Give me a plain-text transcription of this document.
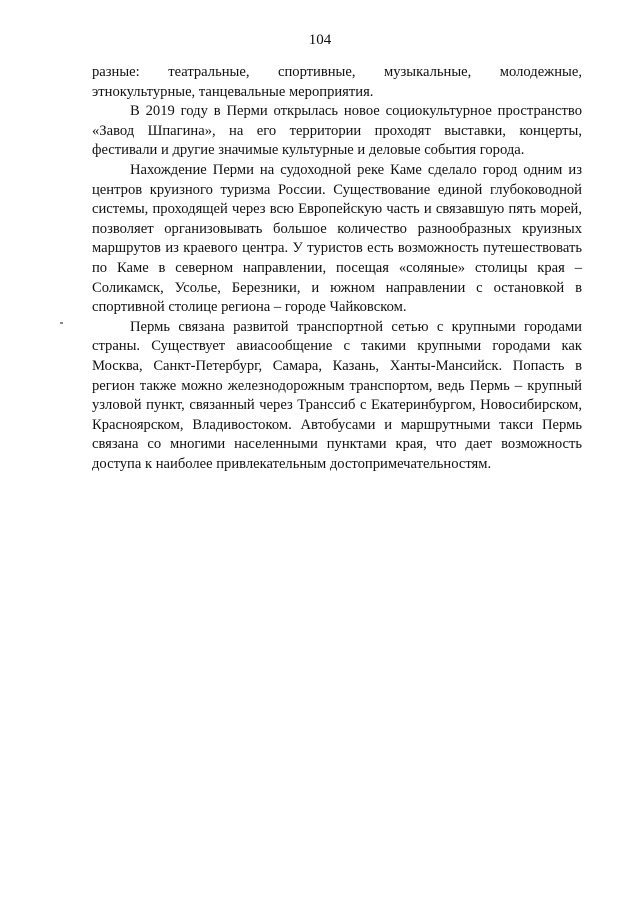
104

разные: театральные, спортивные, музыкальные, молодежные, этнокультурные, танцевальные мероприятия.

В 2019 году в Перми открылась новое социокультурное пространство «Завод Шпагина», на его территории проходят выставки, концерты, фестивали и другие значимые культурные и деловые события города.

Нахождение Перми на судоходной реке Каме сделало город одним из центров круизного туризма России. Существование единой глубоководной системы, проходящей через всю Европейскую часть и связавшую пять морей, позволяет организовывать большое количество разнообразных круизных маршрутов из краевого центра. У туристов есть возможность путешествовать по Каме в северном направлении, посещая «соляные» столицы края – Соликамск, Усолье, Березники, и южном направлении с остановкой в спортивной столице региона – городе Чайковском.

Пермь связана развитой транспортной сетью с крупными городами страны. Существует авиасообщение с такими крупными городами как Москва, Санкт-Петербург, Самара, Казань, Ханты-Мансийск. Попасть в регион также можно железнодорожным транспортом, ведь Пермь – крупный узловой пункт, связанный через Транссиб с Екатеринбургом, Новосибирском, Красноярском, Владивостоком. Автобусами и маршрутными такси Пермь связана со многими населенными пунктами края, что дает возможность доступа к наиболее привлекательным достопримечательностям.
